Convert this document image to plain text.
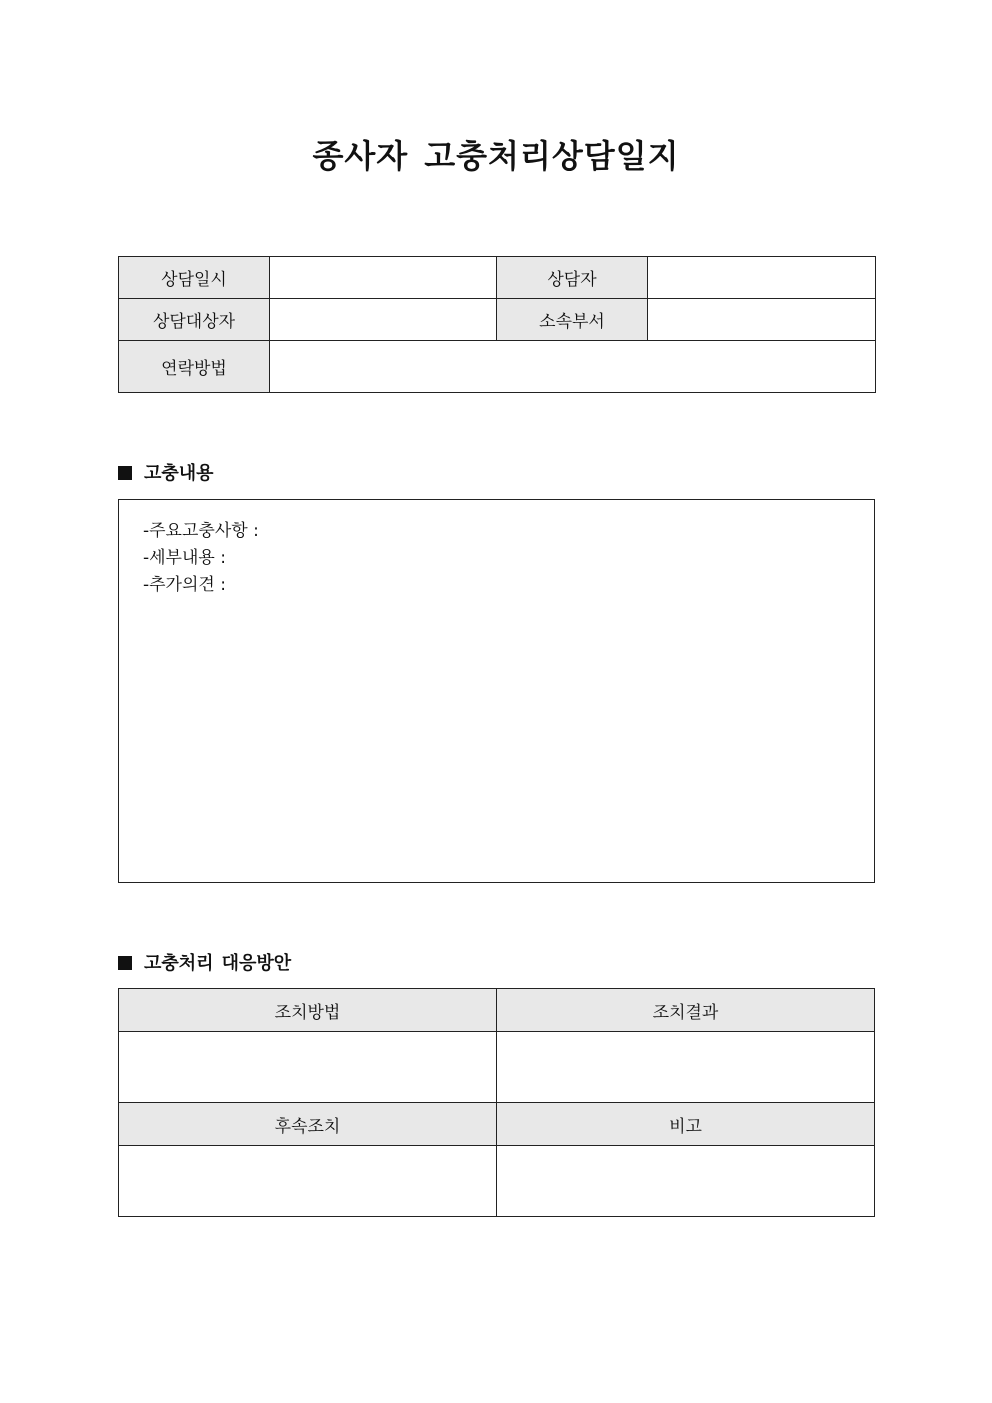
종사자 고충처리상담일지
상담일시		상담자	
상담대상자		소속부서	
연락방법			
고충내용
-주요고충사항 :
-세부내용 :
-추가의견 :
고충처리 대응방안
조치방법	조치결과

후속조치	비고
